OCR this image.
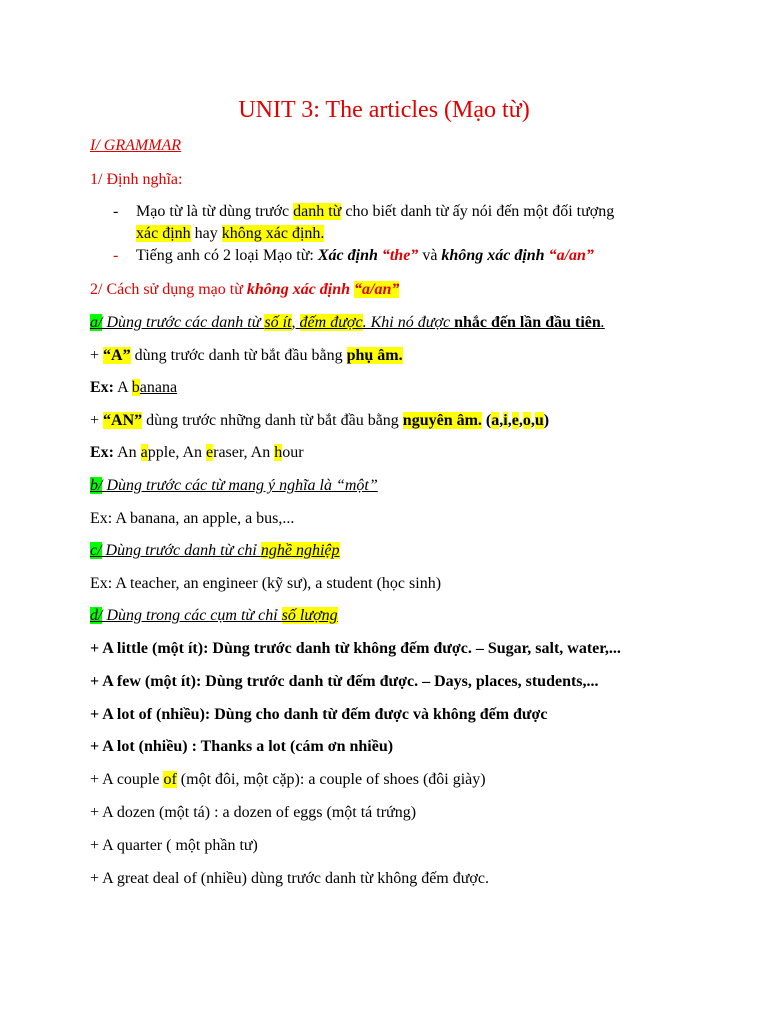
UNIT 3: The articles (Mạo từ)
I/ GRAMMAR
1/ Định nghĩa:
- Mạo từ là từ dùng trước danh từ cho biết danh từ ấy nói đến một đối tượng
xác định hay không xác định.
- Tiếng anh có 2 loại Mạo từ: Xác định “the” và không xác định “a/an”
2/ Cách sử dụng mạo từ không xác định “a/an”
a/ Dùng trước các danh từ số ít, đếm được. Khi nó được nhắc đến lần đầu tiên.
+ “A” dùng trước danh từ bắt đầu bằng phụ âm.
Ex: A banana
+ “AN” dùng trước những danh từ bắt đầu bằng nguyên âm. (a,i,e,o,u)
Ex: An apple, An eraser, An hour
b/ Dùng trước các từ mang ý nghĩa là “một”
Ex: A banana, an apple, a bus,...
c/ Dùng trước danh từ chỉ nghề nghiệp
Ex: A teacher, an engineer (kỹ sư), a student (học sinh)
d/ Dùng trong các cụm từ chỉ số lượng
+ A little (một ít): Dùng trước danh từ không đếm được. – Sugar, salt, water,...
+ A few (một ít): Dùng trước danh từ đếm được. – Days, places, students,...
+ A lot of (nhiều): Dùng cho danh từ đếm được và không đếm được
+ A lot (nhiều) : Thanks a lot (cám ơn nhiều)
+ A couple of (một đôi, một cặp): a couple of shoes (đôi giày)
+ A dozen (một tá) : a dozen of eggs (một tá trứng)
+ A quarter ( một phần tư)
+ A great deal of (nhiều) dùng trước danh từ không đếm được.
